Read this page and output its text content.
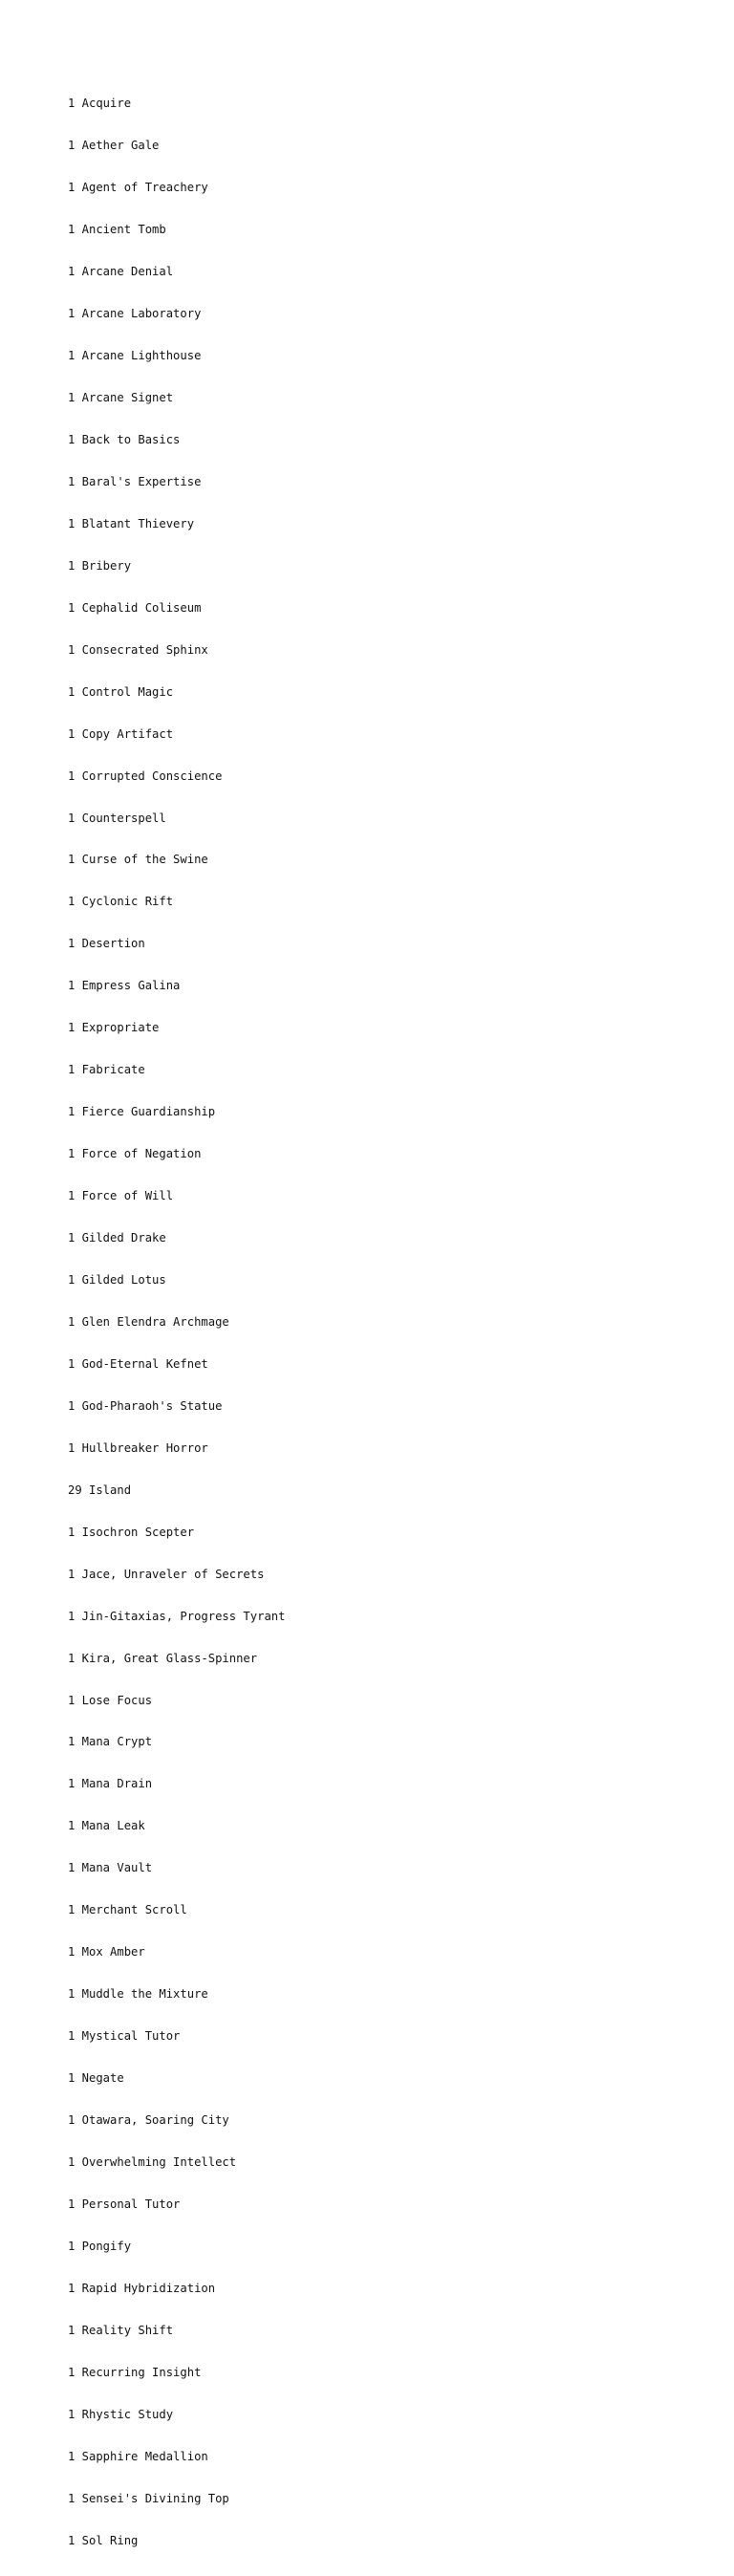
1 Acquire

1 Aether Gale

1 Agent of Treachery

1 Ancient Tomb

1 Arcane Denial

1 Arcane Laboratory

1 Arcane Lighthouse

1 Arcane Signet

1 Back to Basics

1 Baral's Expertise

1 Blatant Thievery

1 Bribery

1 Cephalid Coliseum

1 Consecrated Sphinx

1 Control Magic

1 Copy Artifact

1 Corrupted Conscience

1 Counterspell

1 Curse of the Swine

1 Cyclonic Rift

1 Desertion

1 Empress Galina

1 Expropriate

1 Fabricate

1 Fierce Guardianship

1 Force of Negation

1 Force of Will

1 Gilded Drake

1 Gilded Lotus

1 Glen Elendra Archmage

1 God-Eternal Kefnet

1 God-Pharaoh's Statue

1 Hullbreaker Horror

29 Island

1 Isochron Scepter

1 Jace, Unraveler of Secrets

1 Jin-Gitaxias, Progress Tyrant

1 Kira, Great Glass-Spinner

1 Lose Focus

1 Mana Crypt

1 Mana Drain

1 Mana Leak

1 Mana Vault

1 Merchant Scroll

1 Mox Amber

1 Muddle the Mixture

1 Mystical Tutor

1 Negate

1 Otawara, Soaring City

1 Overwhelming Intellect

1 Personal Tutor

1 Pongify

1 Rapid Hybridization

1 Reality Shift

1 Recurring Insight

1 Rhystic Study

1 Sapphire Medallion

1 Sensei's Divining Top

1 Sol Ring
